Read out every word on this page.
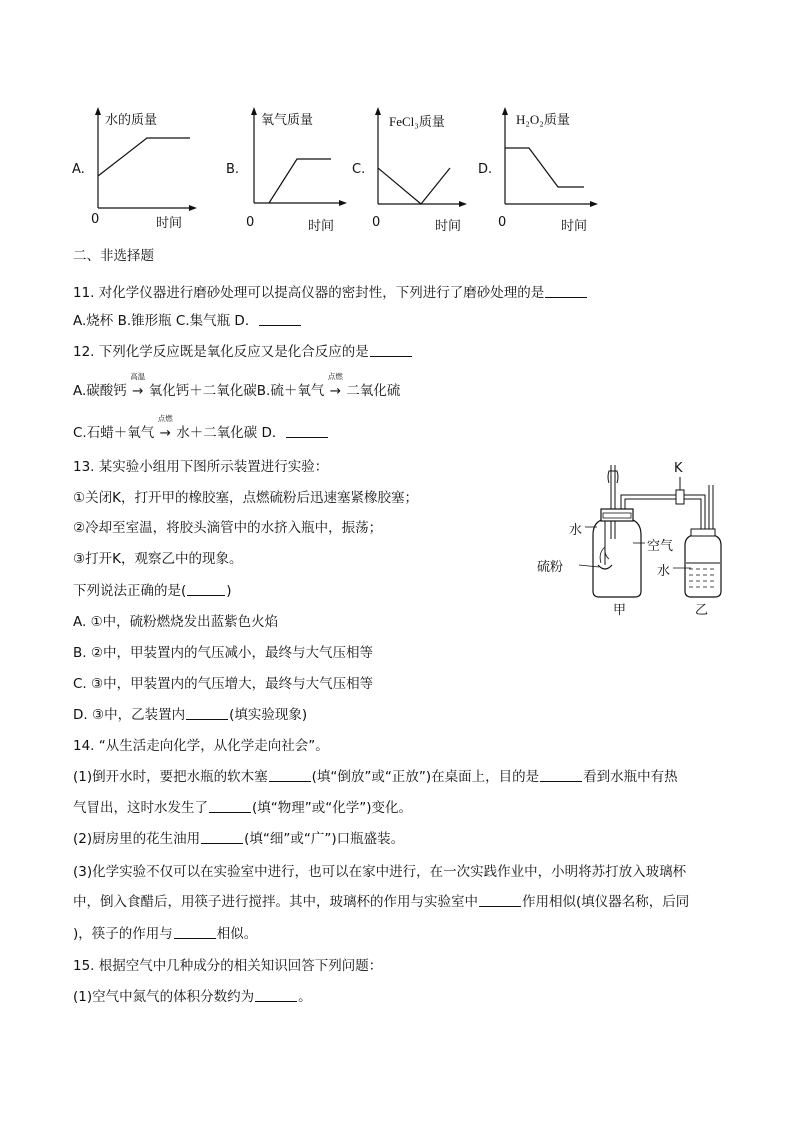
A.
水的质量
0	时间
B.
氧气质量
0	时间
C.
FeCl₃质量
0	时间
D.
H₂O₂质量
0	时间
二、非选择题
11. 对化学仪器进行磨砂处理可以提高仪器的密封性，下列进行了磨砂处理的是
A.烧杯 B.锥形瓶 C.集气瓶 D．
12. 下列化学反应既是氧化反应又是化合反应的是
A.碳酸钙
高温
→ 氧化钙＋二氧化碳B.硫＋氧气
点燃
→ 二氧化硫
C.石蜡＋氧气
点燃
→ 水＋二氧化碳 D．
13. 某实验小组用下图所示装置进行实验：
①关闭K，打开甲的橡胶塞，点燃硫粉后迅速塞紧橡胶塞；
②冷却至室温，将胶头滴管中的水挤入瓶中，振荡；
③打开K，观察乙中的现象。
下列说法正确的是(	)
A. ①中，硫粉燃烧发出蓝紫色火焰
B. ②中，甲装置内的气压减小，最终与大气压相等
C. ③中，甲装置内的气压增大，最终与大气压相等
D. ③中，乙装置内	(填实验现象)
K
水
空气
硫粉	水
甲	乙
14. “从生活走向化学，从化学走向社会”。
(1)倒开水时，要把水瓶的软木塞	(填“倒放”或“正放”)在桌面上，目的是	看到水瓶中有热
气冒出，这时水发生了	(填“物理”或“化学”)变化。
(2)厨房里的花生油用	(填“细”或“广”)口瓶盛装。
(3)化学实验不仅可以在实验室中进行，也可以在家中进行，在一次实践作业中，小明将苏打放入玻璃杯
中，倒入食醋后，用筷子进行搅拌。其中，玻璃杯的作用与实验室中	作用相似(填仪器名称，后同
)，筷子的作用与	相似。
15. 根据空气中几种成分的相关知识回答下列问题：
(1)空气中氮气的体积分数约为	。
